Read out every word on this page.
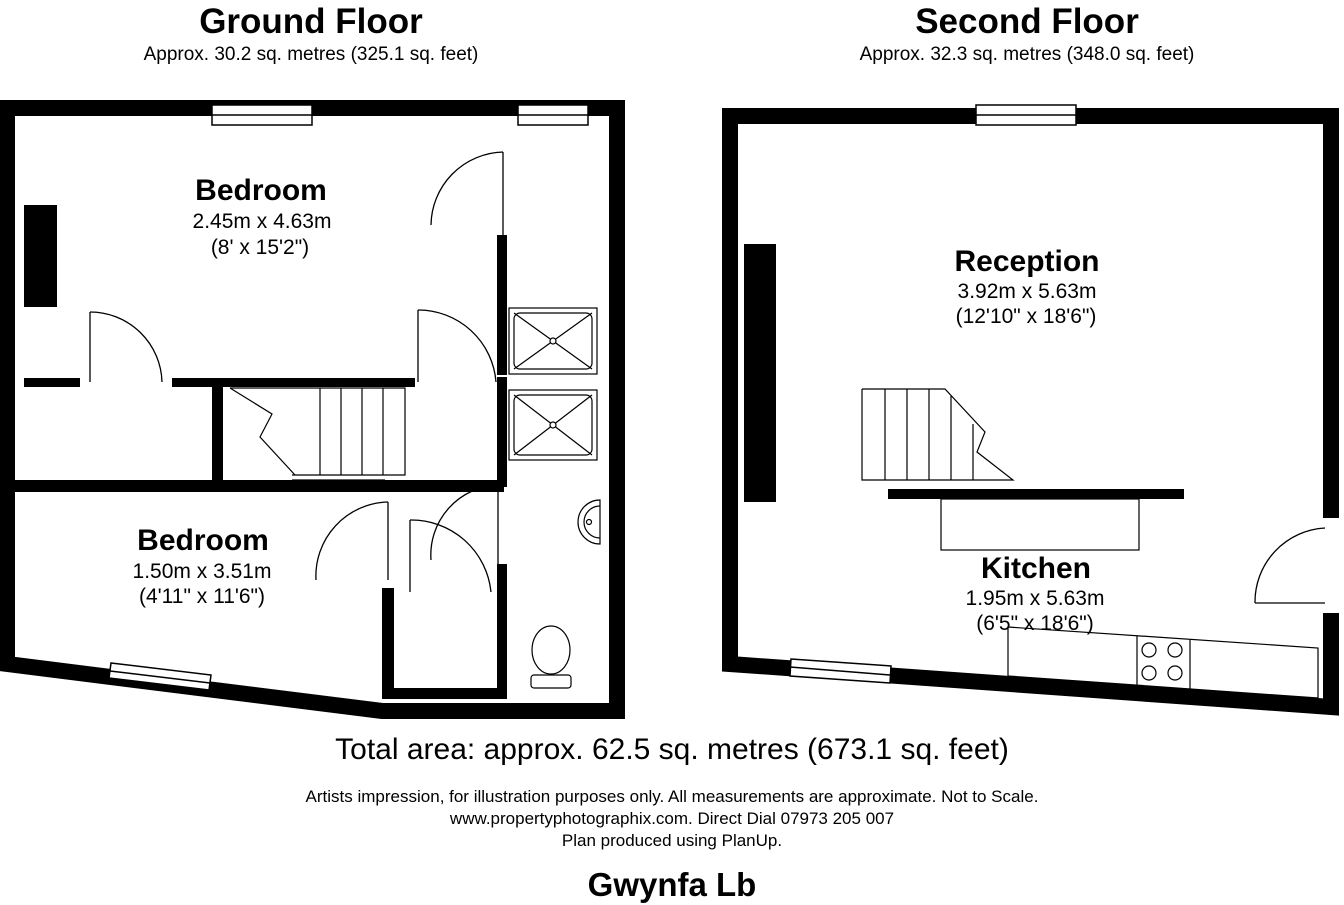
Ground Floor
Approx. 30.2 sq. metres (325.1 sq. feet)
Second Floor
Approx. 32.3 sq. metres (348.0 sq. feet)
Bedroom
2.45m x 4.63m
(8' x 15'2")
Bedroom
1.50m x 3.51m
(4'11" x 11'6")
Reception
3.92m x 5.63m
(12'10" x 18'6")
Kitchen
1.95m x 5.63m
(6'5" x 18'6")
Total area: approx. 62.5 sq. metres (673.1 sq. feet)
Artists impression, for illustration purposes only. All measurements are approximate. Not to Scale.
www.propertyphotographix.com. Direct Dial 07973 205 007
Plan produced using PlanUp.
Gwynfa Lb
